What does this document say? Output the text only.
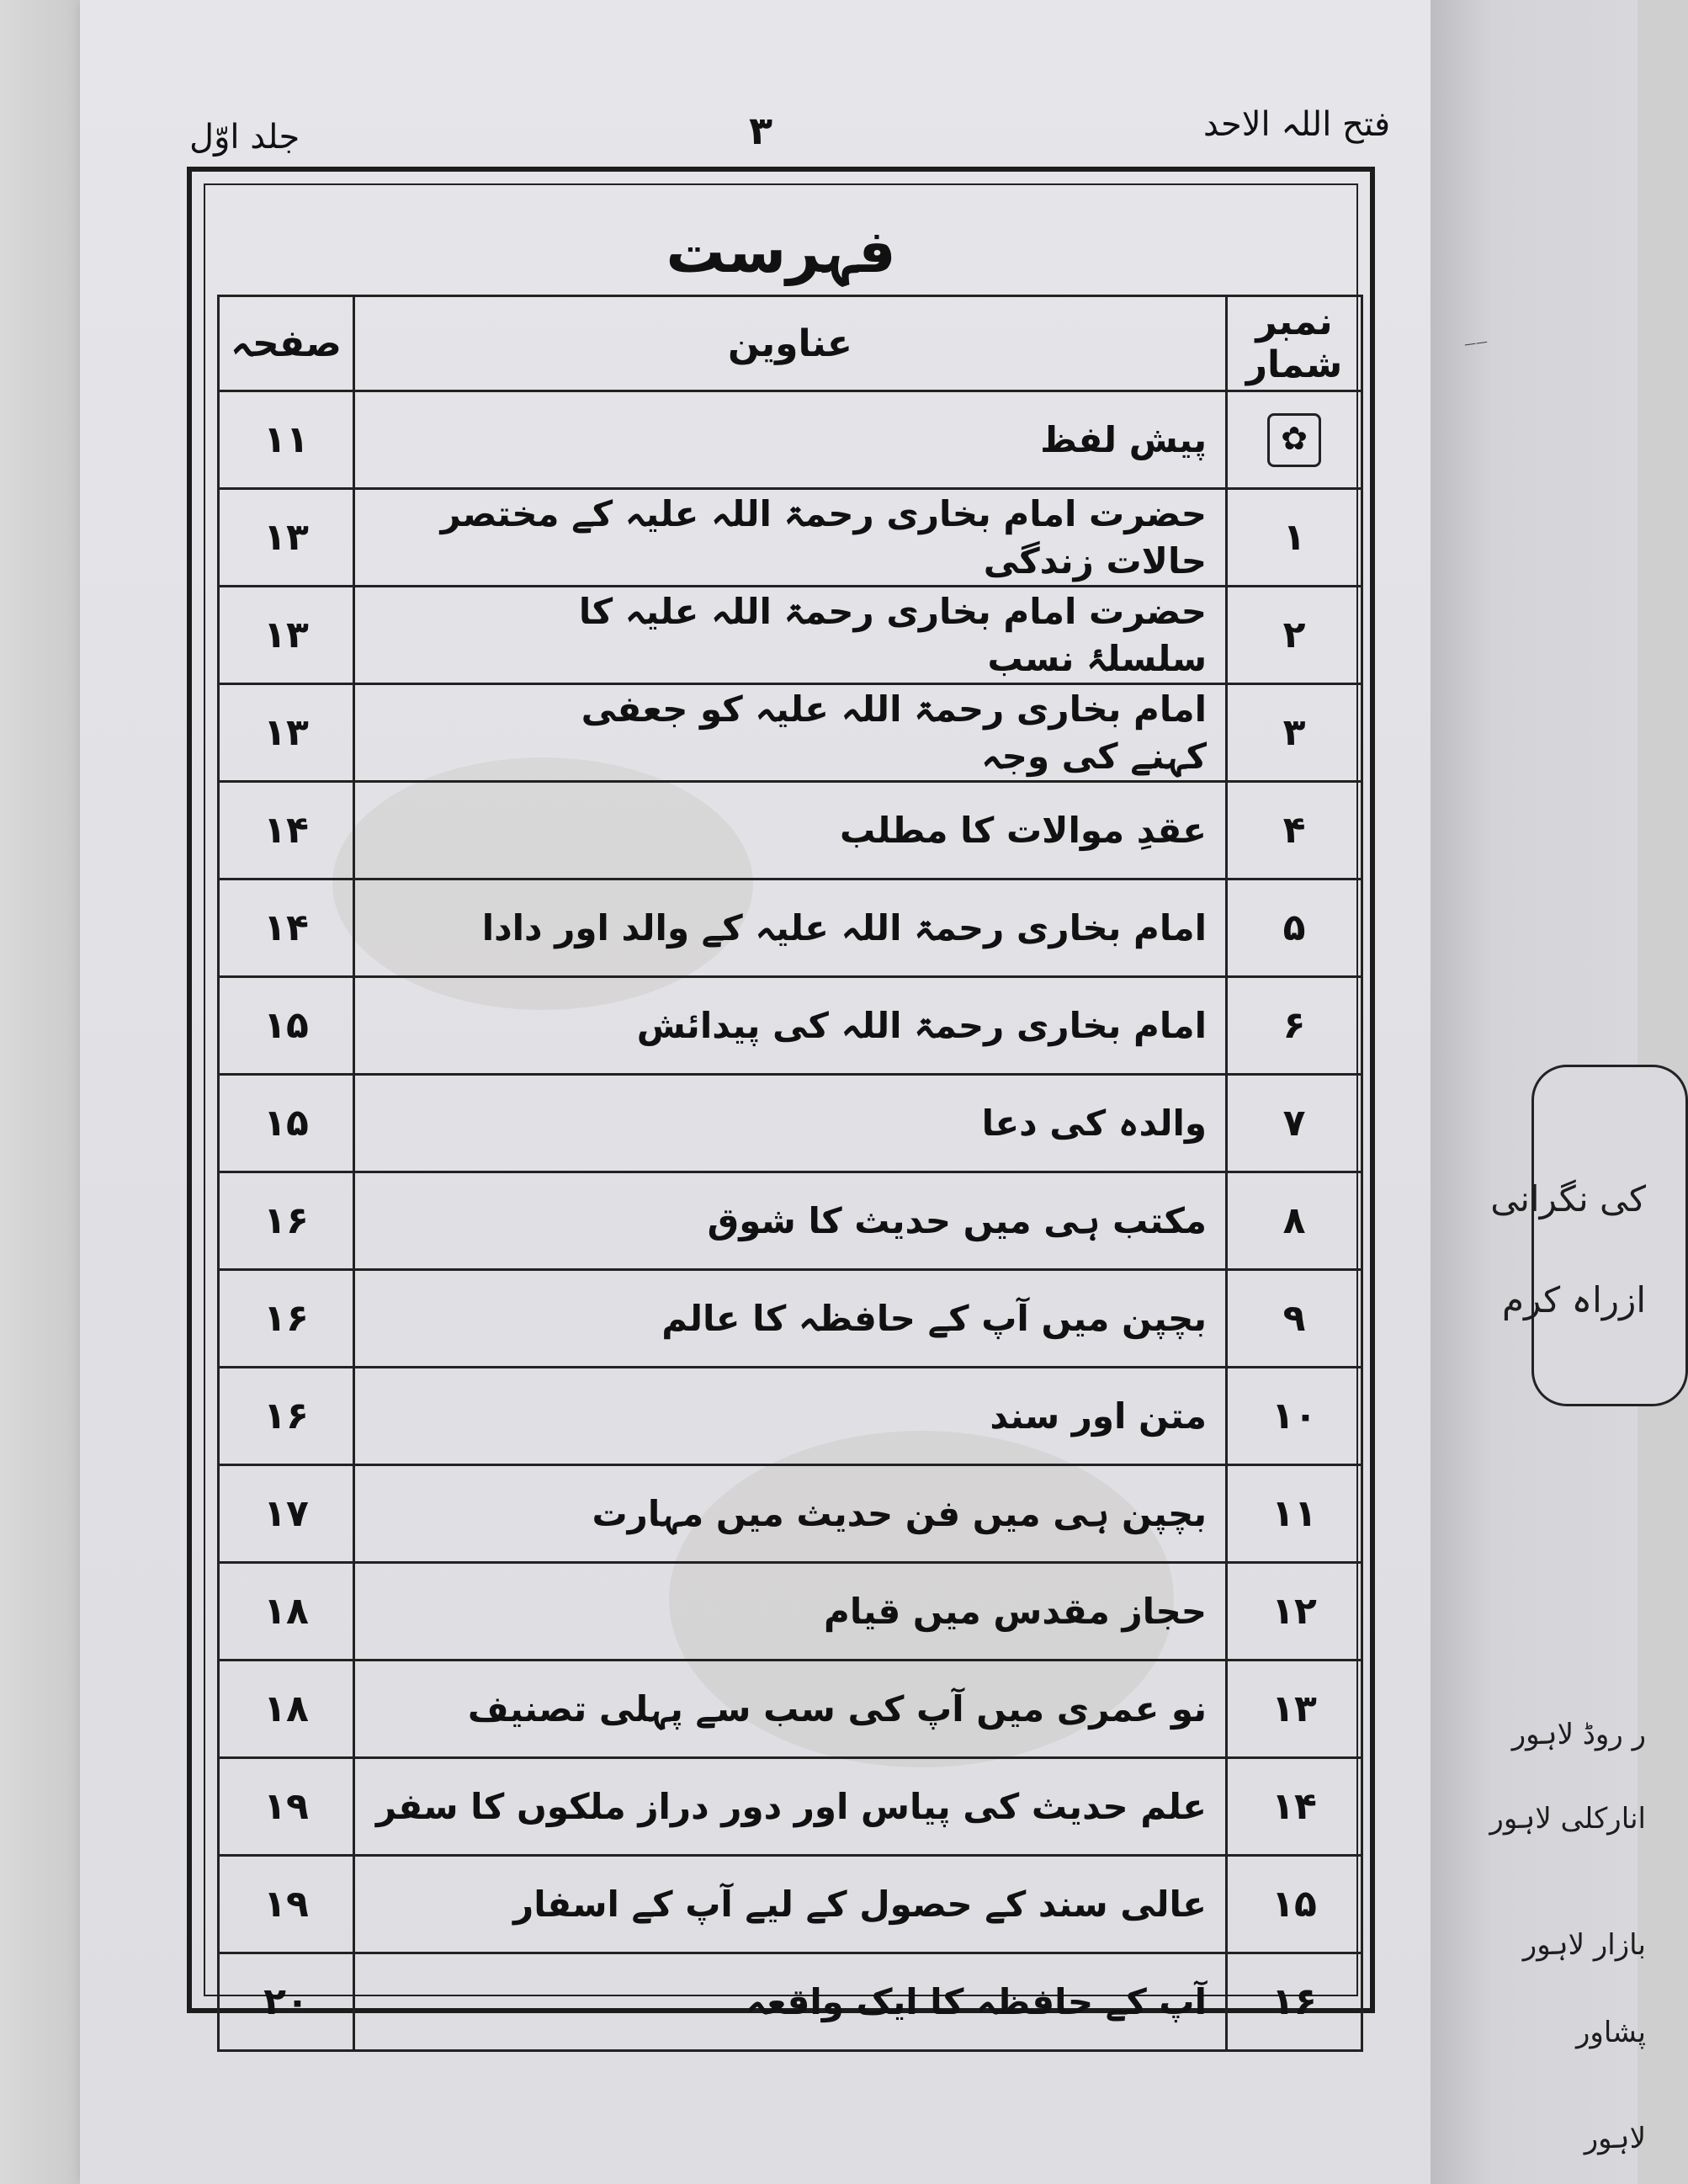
——
کی نگرانی
ازراہ کرم
ر روڈ لاہور
انارکلی لاہور
بازار لاہور
پشاور
لاہور
فتح اللہ الاحد
۳
جلد اوّل
فہرست
نمبر شمار	عناوین	صفحہ
✿	پیش لفظ	۱۱
۱	حضرت امام بخاری رحمۃ اللہ علیہ کے مختصر
حالات زندگی	۱۳
۲	حضرت امام بخاری رحمۃ اللہ علیہ کا
سلسلۂ نسب	۱۳
۳	امام بخاری رحمۃ اللہ علیہ کو جعفی
کہنے کی وجہ	۱۳
۴	عقدِ موالات کا مطلب	۱۴
۵	امام بخاری رحمۃ اللہ علیہ کے والد اور دادا	۱۴
۶	امام بخاری رحمۃ اللہ کی پیدائش	۱۵
۷	والدہ کی دعا	۱۵
۸	مکتب ہی میں حدیث کا شوق	۱۶
۹	بچپن میں آپ کے حافظہ کا عالم	۱۶
۱۰	متن اور سند	۱۶
۱۱	بچپن ہی میں فن حدیث میں مہارت	۱۷
۱۲	حجاز مقدس میں قیام	۱۸
۱۳	نو عمری میں آپ کی سب سے پہلی تصنیف	۱۸
۱۴	علم حدیث کی پیاس اور دور دراز ملکوں کا سفر	۱۹
۱۵	عالی سند کے حصول کے لیے آپ کے اسفار	۱۹
۱۶	آپ کے حافظہ کا ایک واقعہ	۲۰
